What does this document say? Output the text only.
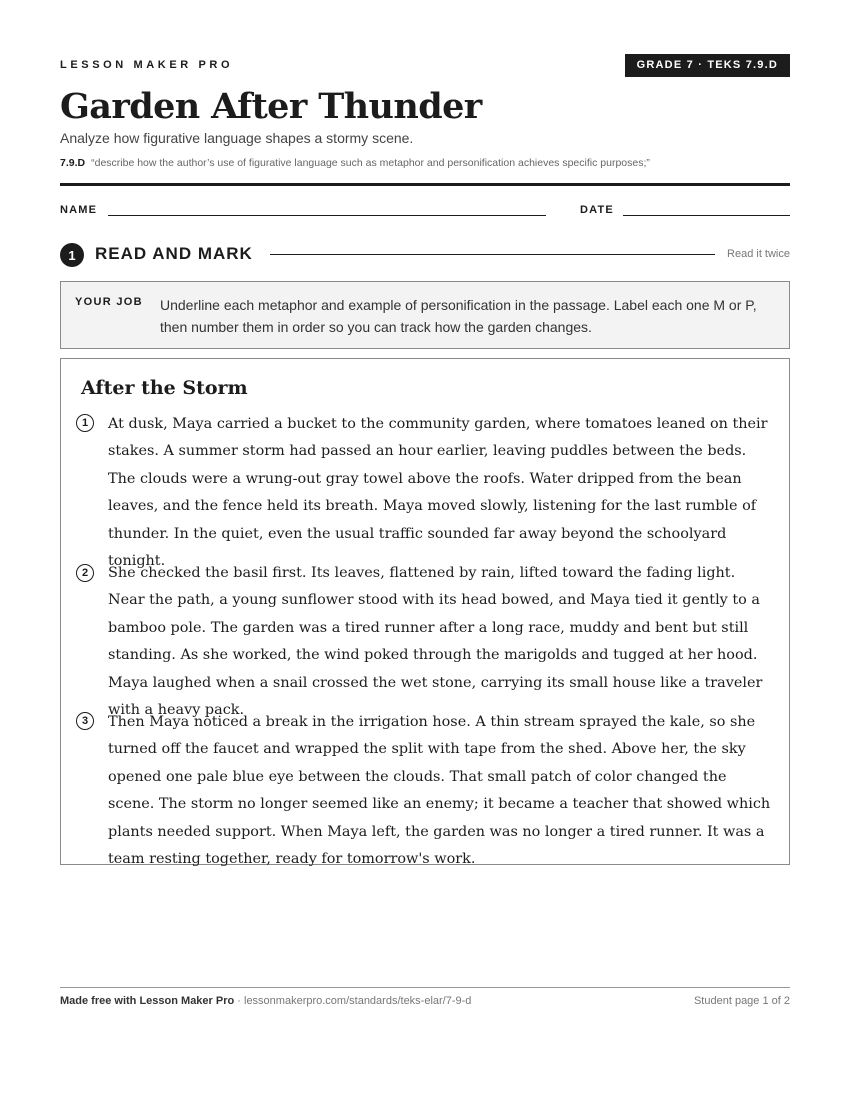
LESSON MAKER PRO	GRADE 7 · TEKS 7.9.D
Garden After Thunder
Analyze how figurative language shapes a stormy scene.
7.9.D “describe how the author’s use of figurative language such as metaphor and personification achieves specific purposes;”
NAME	DATE
1	READ AND MARK	Read it twice
YOUR JOB Underline each metaphor and example of personification in the passage. Label each one M or P, then number them in order so you can track how the garden changes.
After the Storm
1	At dusk, Maya carried a bucket to the community garden, where tomatoes leaned on their stakes. A summer storm had passed an hour earlier, leaving puddles between the beds. The clouds were a wrung-out gray towel above the roofs. Water dripped from the bean leaves, and the fence held its breath. Maya moved slowly, listening for the last rumble of thunder. In the quiet, even the usual traffic sounded far away beyond the schoolyard tonight.

2	She checked the basil first. Its leaves, flattened by rain, lifted toward the fading light. Near the path, a young sunflower stood with its head bowed, and Maya tied it gently to a bamboo pole. The garden was a tired runner after a long race, muddy and bent but still standing. As she worked, the wind poked through the marigolds and tugged at her hood. Maya laughed when a snail crossed the wet stone, carrying its small house like a traveler with a heavy pack.

3	Then Maya noticed a break in the irrigation hose. A thin stream sprayed the kale, so she turned off the faucet and wrapped the split with tape from the shed. Above her, the sky opened one pale blue eye between the clouds. That small patch of color changed the scene. The storm no longer seemed like an enemy; it became a teacher that showed which plants needed support. When Maya left, the garden was no longer a tired runner. It was a team resting together, ready for tomorrow's work.

Made free with Lesson Maker Pro · lessonmakerpro.com/standards/teks-elar/7-9-d	Student page 1 of 2
